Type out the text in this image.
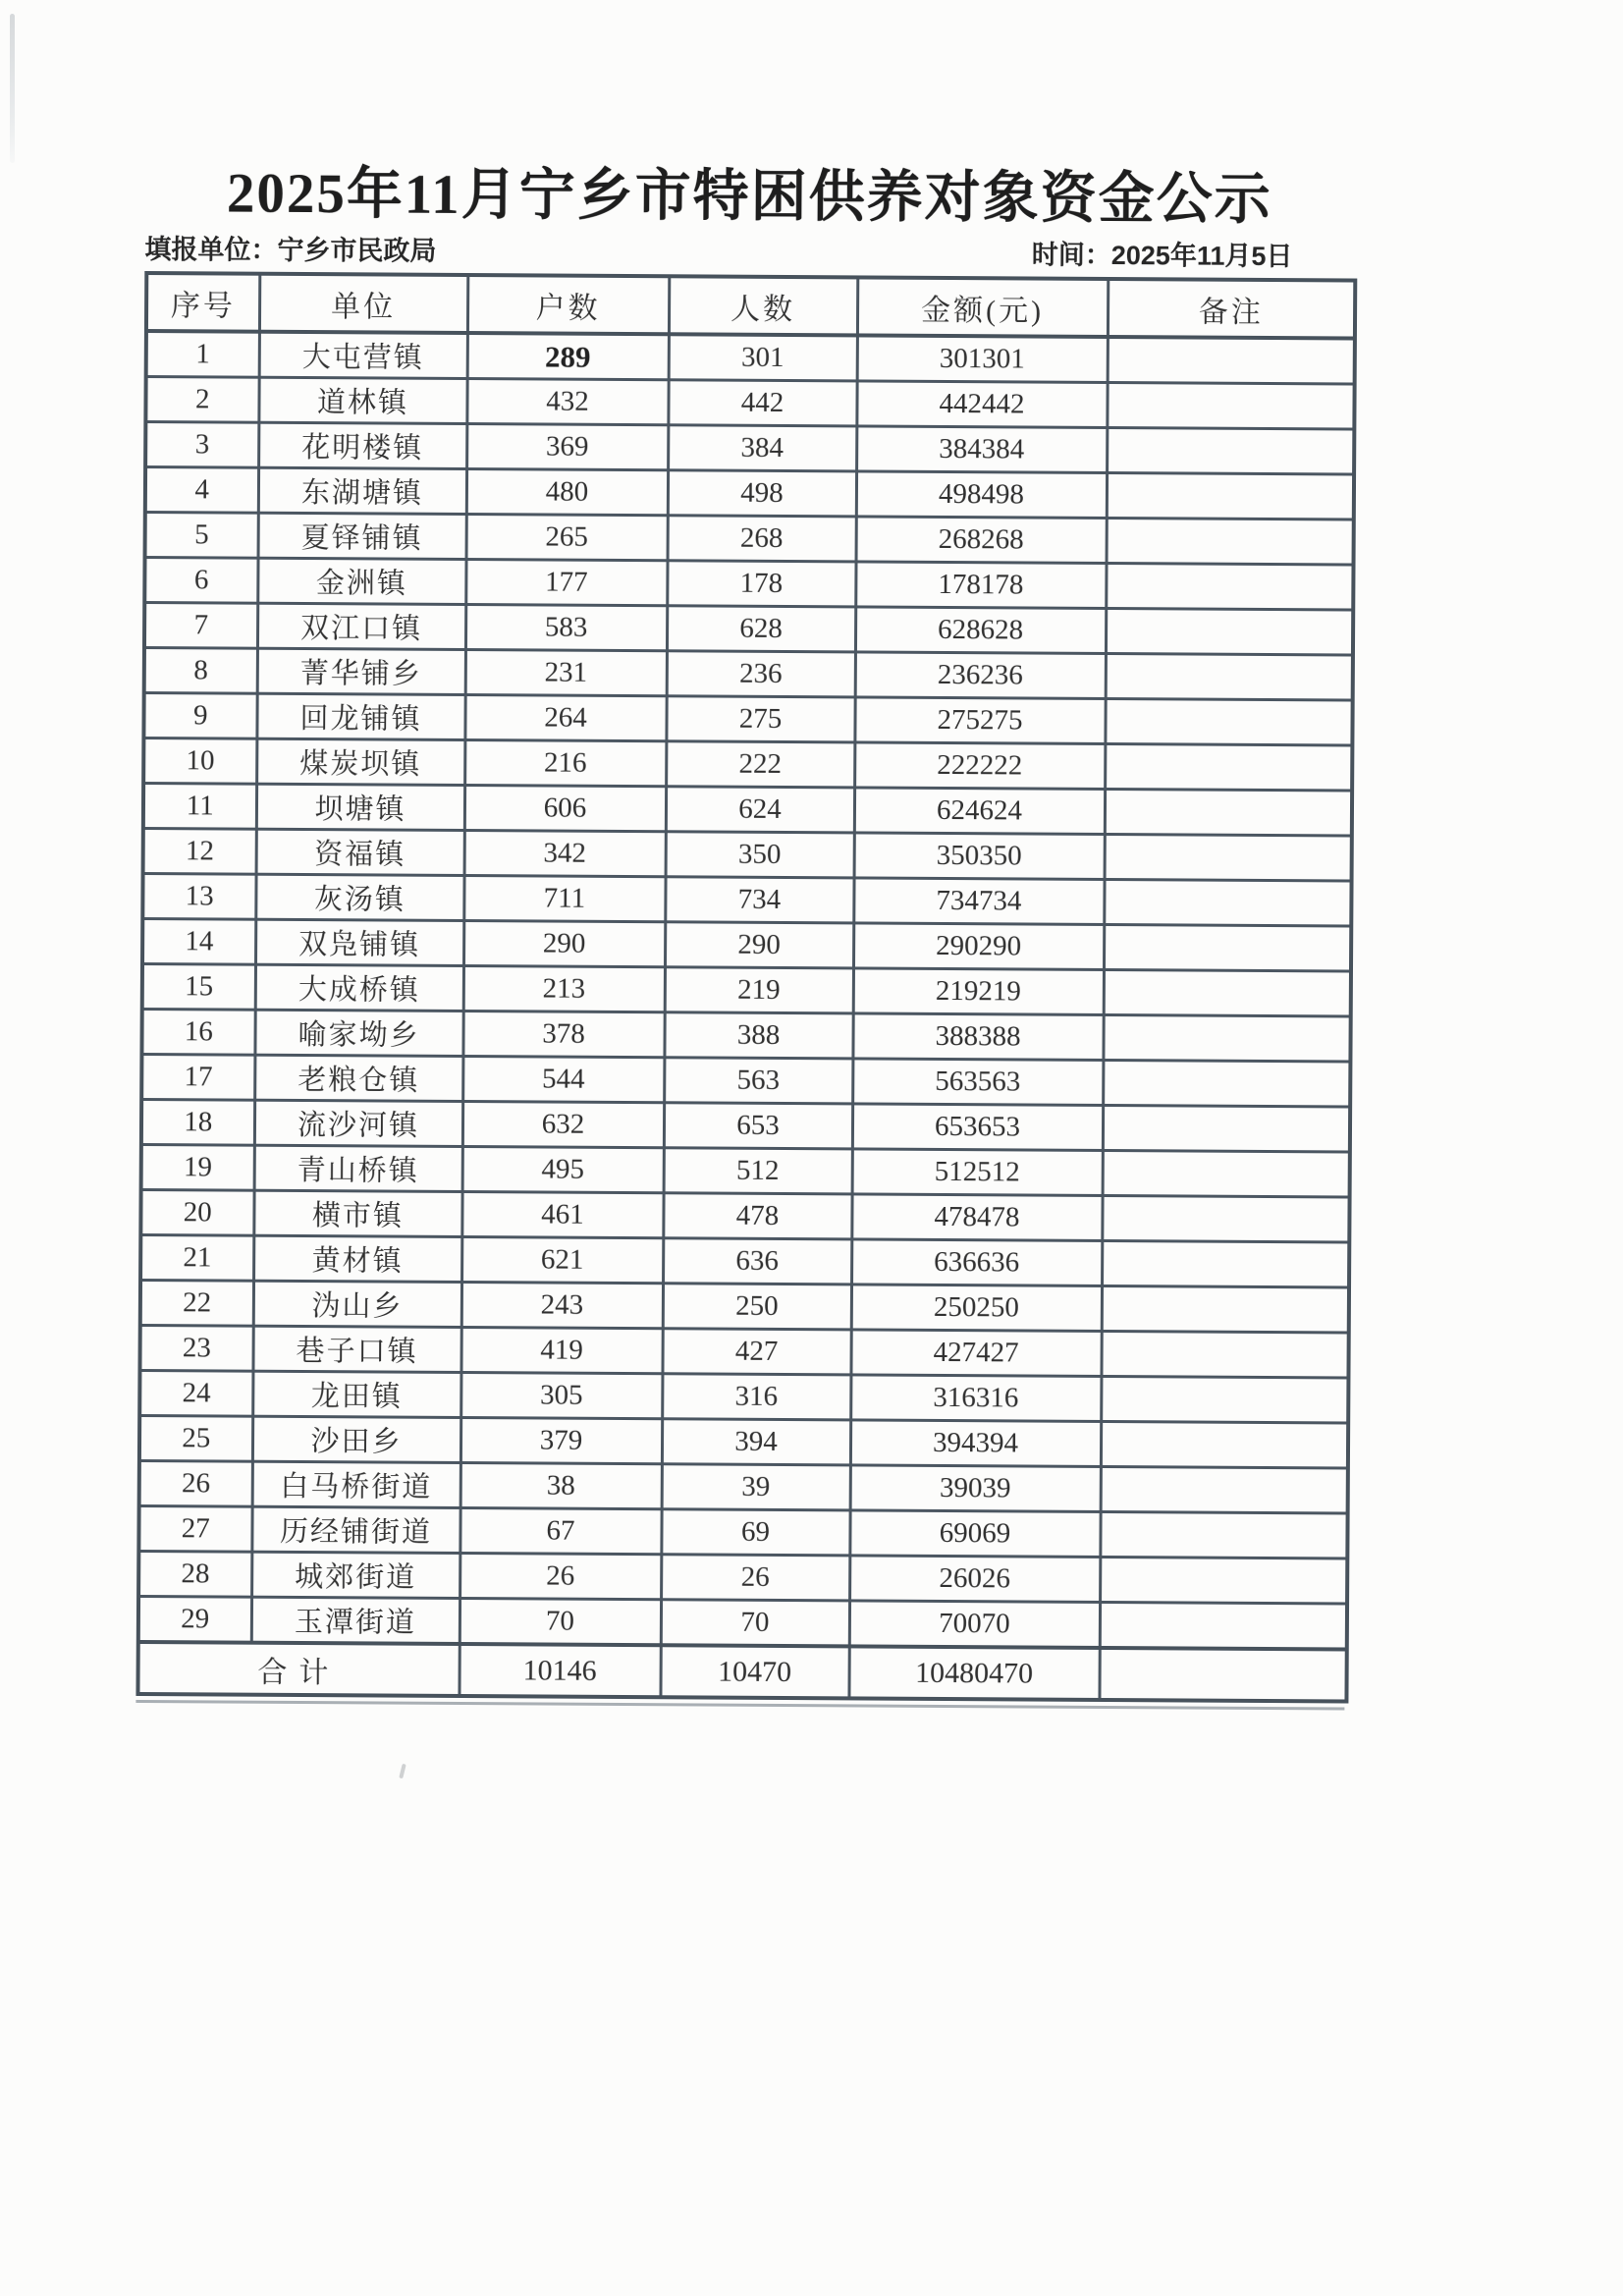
2025年11月宁乡市特困供养对象资金公示
填报单位：宁乡市民政局	时间：2025年11月5日
序号	单位	户数	人数	金额(元)	备注
1	大屯营镇	289	301	301301	
2	道林镇	432	442	442442	
3	花明楼镇	369	384	384384	
4	东湖塘镇	480	498	498498	
5	夏铎铺镇	265	268	268268	
6	金洲镇	177	178	178178	
7	双江口镇	583	628	628628	
8	菁华铺乡	231	236	236236	
9	回龙铺镇	264	275	275275	
10	煤炭坝镇	216	222	222222	
11	坝塘镇	606	624	624624	
12	资福镇	342	350	350350	
13	灰汤镇	711	734	734734	
14	双凫铺镇	290	290	290290	
15	大成桥镇	213	219	219219	
16	喻家坳乡	378	388	388388	
17	老粮仓镇	544	563	563563	
18	流沙河镇	632	653	653653	
19	青山桥镇	495	512	512512	
20	横市镇	461	478	478478	
21	黄材镇	621	636	636636	
22	沩山乡	243	250	250250	
23	巷子口镇	419	427	427427	
24	龙田镇	305	316	316316	
25	沙田乡	379	394	394394	
26	白马桥街道	38	39	39039	
27	历经铺街道	67	69	69069	
28	城郊街道	26	26	26026	
29	玉潭街道	70	70	70070	
合计		10146	10470	10480470	
